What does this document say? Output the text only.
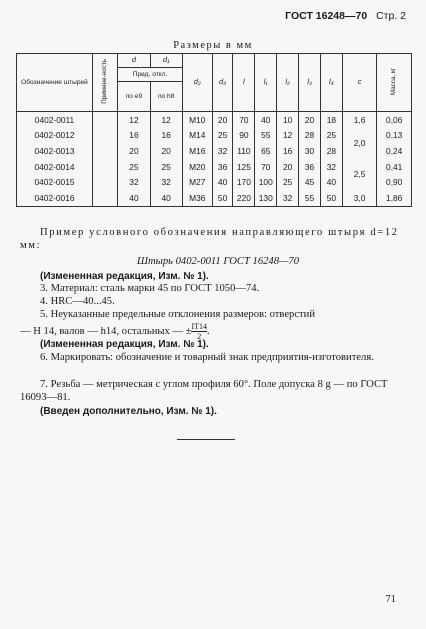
ГОСТ 16248—70 Стр. 2
Размеры в мм
Обозначение штырей	Примене-ность	d	d₁	d₂	d₃	l	l₁	l₂	l₃	l₄	c	Масса, кг
		Пред. откл.										
		по e9	по h8									
0402-0011		12	12	M10	20	70	40	10	20	18	1,6	0,06
0402-0012		16	16	M14	25	90	55	12	28	25	2,0	0,13
0402-0013		20	20	M16	32	110	65	16	30	28		0,24
0402-0014		25	25	M20	36	125	70	20	36	32	2,5	0,41
0402-0015		32	32	M27	40	170	100	25	45	40		0,90
0402-0016		40	40	M36	50	220	130	32	55	50	3,0	1,86
Пример условного обозначения направляющего штыря d=12 мм:
Штырь 0402-0011 ГОСТ 16248—70
(Измененная редакция, Изм. № 1).
3. Материал: сталь марки 45 по ГОСТ 1050—74.
4. HRC—40...45.
5. Неуказанные предельные отклонения размеров: отверстий
— H 14, валов — h14, остальных — ± $\frac{IT14}{2}$ .
(Измененная редакция, Изм. № 1).
6. Маркировать: обозначение и товарный знак предприятия-изготовителя.
7. Резьба — метрическая с углом профиля 60°. Поле допуска 8 g — по ГОСТ 16093—81.
(Введен дополнительно, Изм. № 1).
71
